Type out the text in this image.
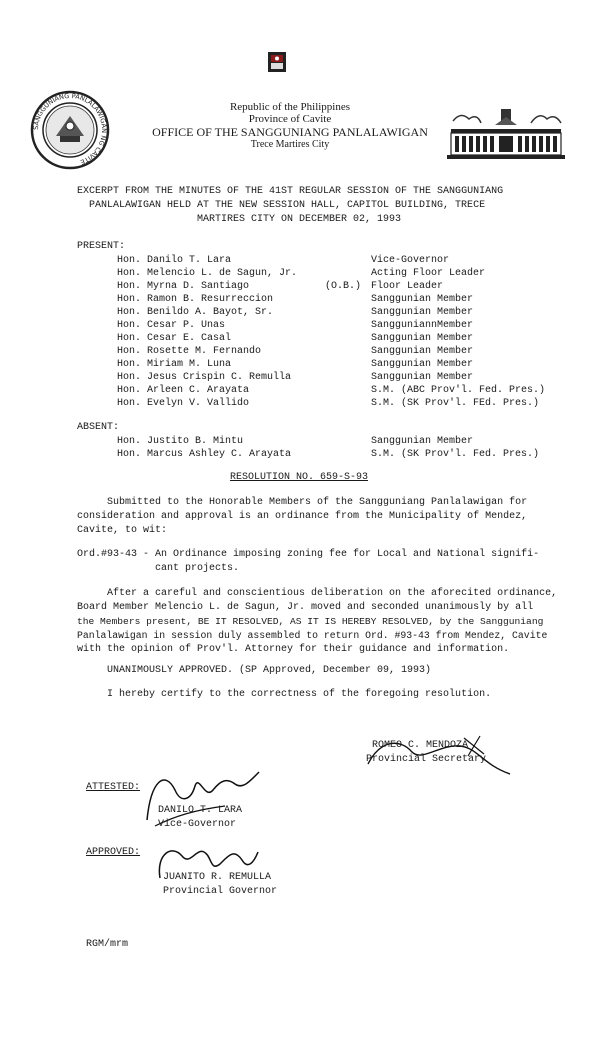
SANGGUNIANG PANLALAWIGAN NG CAVITE
Republic of the Philippines
Province of Cavite
OFFICE OF THE SANGGUNIANG PANLALAWIGAN
Trece Martires City
EXCERPT FROM THE MINUTES OF THE 41ST REGULAR SESSION OF THE SANGGUNIANG
PANLALAWIGAN HELD AT THE NEW SESSION HALL, CAPITOL BUILDING, TRECE
MARTIRES CITY ON DECEMBER 02, 1993
PRESENT:
Hon. Danilo T. Lara	Vice-Governor
Hon. Melencio L. de Sagun, Jr.	Acting Floor Leader
Hon. Myrna D. Santiago	(O.B.) Floor Leader
Hon. Ramon B. Resurreccion	Sanggunian Member
Hon. Benildo A. Bayot, Sr.	Sanggunian Member
Hon. Cesar P. Unas	SangguniannMember
Hon. Cesar E. Casal	Sanggunian Member
Hon. Rosette M. Fernando	Sanggunian Member
Hon. Miriam M. Luna	Sanggunian Member
Hon. Jesus Crispin C. Remulla	Sanggunian Member
Hon. Arleen C. Arayata	S.M. (ABC Prov'l. Fed. Pres.)
Hon. Evelyn V. Vallido	S.M. (SK Prov'l. FEd. Pres.)
ABSENT:
Hon. Justito B. Mintu	Sanggunian Member
Hon. Marcus Ashley C. Arayata	S.M. (SK Prov'l. Fed. Pres.)
RESOLUTION NO. 659-S-93
Submitted to the Honorable Members of the Sangguniang Panlalawigan for
consideration and approval is an ordinance from the Municipality of Mendez,
Cavite, to wit:
Ord.#93-43 - An Ordinance imposing zoning fee for Local and National signifi-
cant projects.
After a careful and conscientious deliberation on the aforecited ordinance,
Board Member Melencio L. de Sagun, Jr. moved and seconded unanimously by all
the Members present, BE IT RESOLVED, AS IT IS HEREBY RESOLVED, by the Sangguniang
Panlalawigan in session duly assembled to return Ord. #93-43 from Mendez, Cavite
with the opinion of Prov'l. Attorney for their guidance and information.
UNANIMOUSLY APPROVED. (SP Approved, December 09, 1993)
I hereby certify to the correctness of the foregoing resolution.
ROMEO C. MENDOZA
Provincial Secretary
ATTESTED:
DANILO T. LARA
Vice-Governor
APPROVED:
JUANITO R. REMULLA
Provincial Governor
RGM/mrm
